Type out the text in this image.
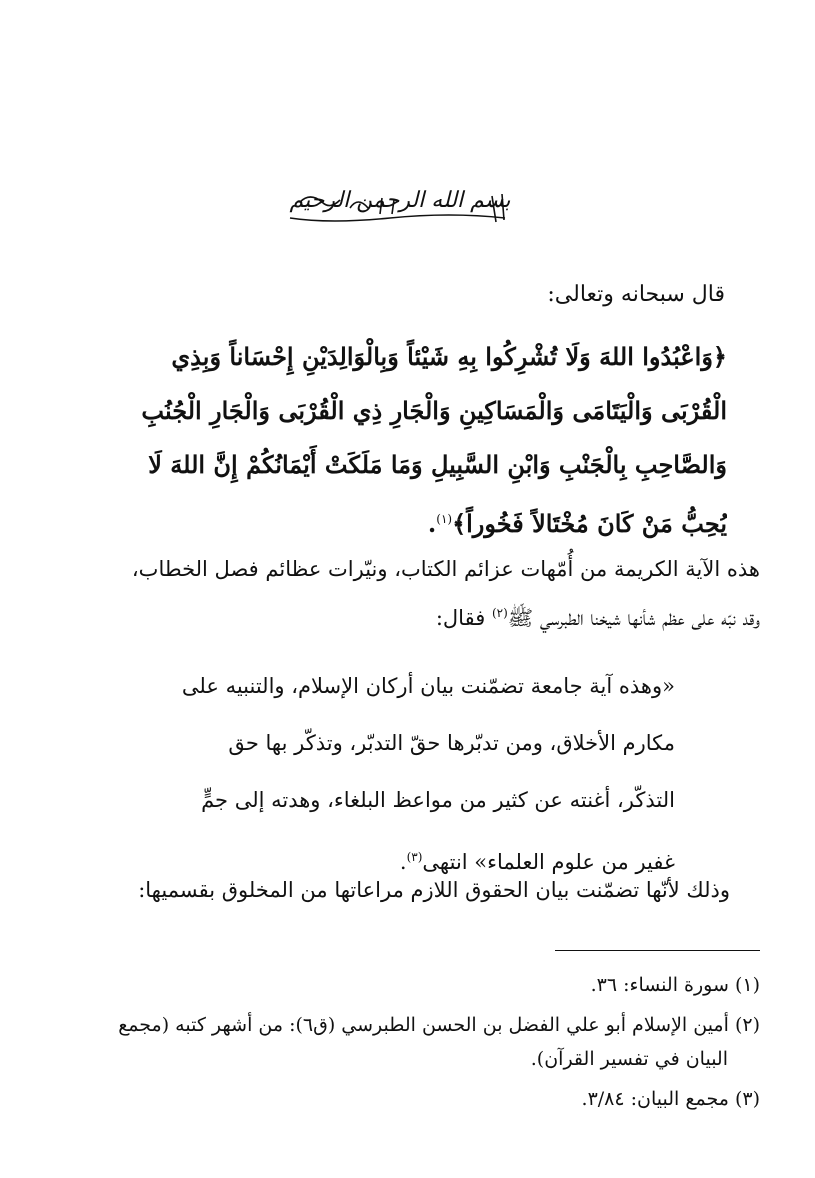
بسم الله الرحمن الرحيم
قال سبحانه وتعالى:
﴿وَاعْبُدُوا اللهَ وَلَا تُشْرِكُوا بِهِ شَيْئاً وَبِالْوَالِدَيْنِ إِحْسَاناً وَبِذِي
الْقُرْبَى وَالْيَتَامَى وَالْمَسَاكِينِ وَالْجَارِ ذِي الْقُرْبَى وَالْجَارِ الْجُنُبِ
وَالصَّاحِبِ بِالْجَنْبِ وَابْنِ السَّبِيلِ وَمَا مَلَكَتْ أَيْمَانُكُمْ إِنَّ اللهَ لَا
يُحِبُّ مَنْ كَانَ مُخْتَالاً فَخُوراً﴾$^{(١)}$.
هذه الآية الكريمة من أُمّهات عزائم الكتاب، ونيّرات عظائم فصل الخطاب،
وقد نبّه على عظم شأنها شيخنا الطبرسي ﷺ$^{(٢)}$ فقال:
«وهذه آية جامعة تضمّنت بيان أركان الإسلام، والتنبيه على
مكارم الأخلاق، ومن تدبّرها حقّ التدبّر، وتذكّر بها حق
التذكّر، أغنته عن كثير من مواعظ البلغاء، وهدته إلى جمٍّ
غفير من علوم العلماء» انتهى$^{(٣)}$.
وذلك لأنّها تضمّنت بيان الحقوق اللازم مراعاتها من المخلوق بقسميها:
(١) سورة النساء: ٣٦.
(٢) أمين الإسلام أبو علي الفضل بن الحسن الطبرسي (ق٦): من أشهر كتبه (مجمع
البيان في تفسير القرآن).
(٣) مجمع البيان: ٣/٨٤.
